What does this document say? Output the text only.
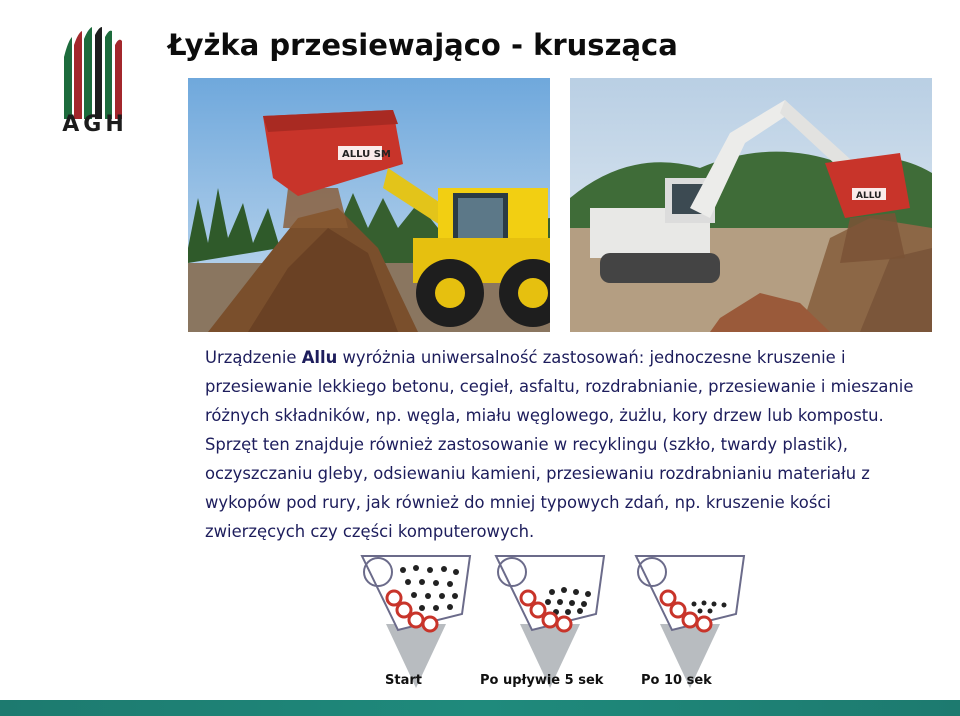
AGH
Łyżka przesiewająco - krusząca
ALLU SM
ALLU

Urządzenie Allu wyróżnia uniwersalność zastosowań: jednoczesne kruszenie i przesiewanie lekkiego betonu, cegieł, asfaltu, rozdrabnianie, przesiewanie i mieszanie różnych składników, np. węgla, miału węglowego, żużlu, kory drzew lub kompostu. Sprzęt ten znajduje również zastosowanie w recyklingu (szkło, twardy plastik), oczyszczaniu gleby, odsiewaniu kamieni, przesiewaniu rozdrabnianiu materiału z wykopów pod rury, jak również do mniej typowych zdań, np. kruszenie kości zwierzęcych czy części komputerowych.

Start	Po upływie 5 sek	Po 10 sek
